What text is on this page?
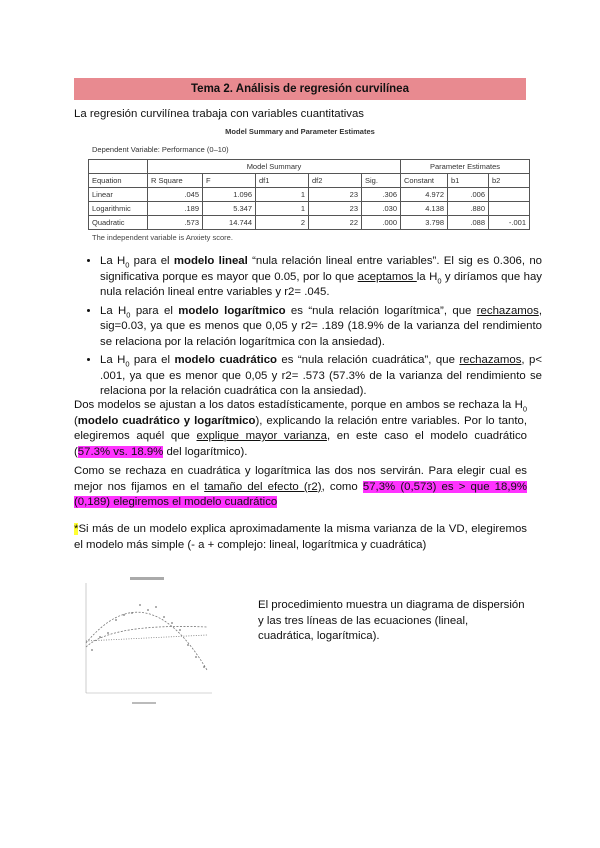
Tema 2. Análisis de regresión curvilínea
La regresión curvilínea trabaja con variables cuantitativas
Model Summary and Parameter Estimates
Dependent Variable: Performance (0–10)
	Model Summary					Parameter Estimates		
Equation	R Square	F	df1	df2	Sig.	Constant	b1	b2
Linear	.045	1.096	1	23	.306	4.972	.006	
Logarithmic	.189	5.347	1	23	.030	4.138	.880	
Quadratic	.573	14.744	2	22	.000	3.798	.088	-.001
The independent variable is Anxiety score.
• La $H_0$ para el modelo lineal “nula relación lineal entre variables”. El sig es 0.306, no significativa porque es mayor que 0.05, por lo que aceptamos la $H_0$ y diríamos que hay nula relación lineal entre variables y r2= .045.
• La $H_0$ para el modelo logarítmico es “nula relación logarítmica”, que rechazamos, sig=0.03, ya que es menos que 0,05 y r2= .189 (18.9% de la varianza del rendimiento se relaciona por la relación logarítmica con la ansiedad).
• La $H_0$ para el modelo cuadrático es “nula relación cuadrática”, que rechazamos, p< .001, ya que es menor que 0,05 y r2= .573 (57.3% de la varianza del rendimiento se relaciona por la relación cuadrática con la ansiedad).
Dos modelos se ajustan a los datos estadísticamente, porque en ambos se rechaza la $H_0$ (modelo cuadrático y logarítmico), explicando la relación entre variables. Por lo tanto, elegiremos aquél que explique mayor varianza, en este caso el modelo cuadrático (57.3% vs. 18.9% del logarítmico).
Como se rechaza en cuadrática y logarítmica las dos nos servirán. Para elegir cual es mejor nos fijamos en el tamaño del efecto (r2), como 57,3% (0,573) es > que 18,9% (0,189) elegiremos el modelo cuadrático
*Si más de un modelo explica aproximadamente la misma varianza de la VD, elegiremos el modelo más simple (- a + complejo: lineal, logarítmica y cuadrática)
El procedimiento muestra un diagrama de dispersión y las tres líneas de las ecuaciones (lineal, cuadrática, logarítmica).
